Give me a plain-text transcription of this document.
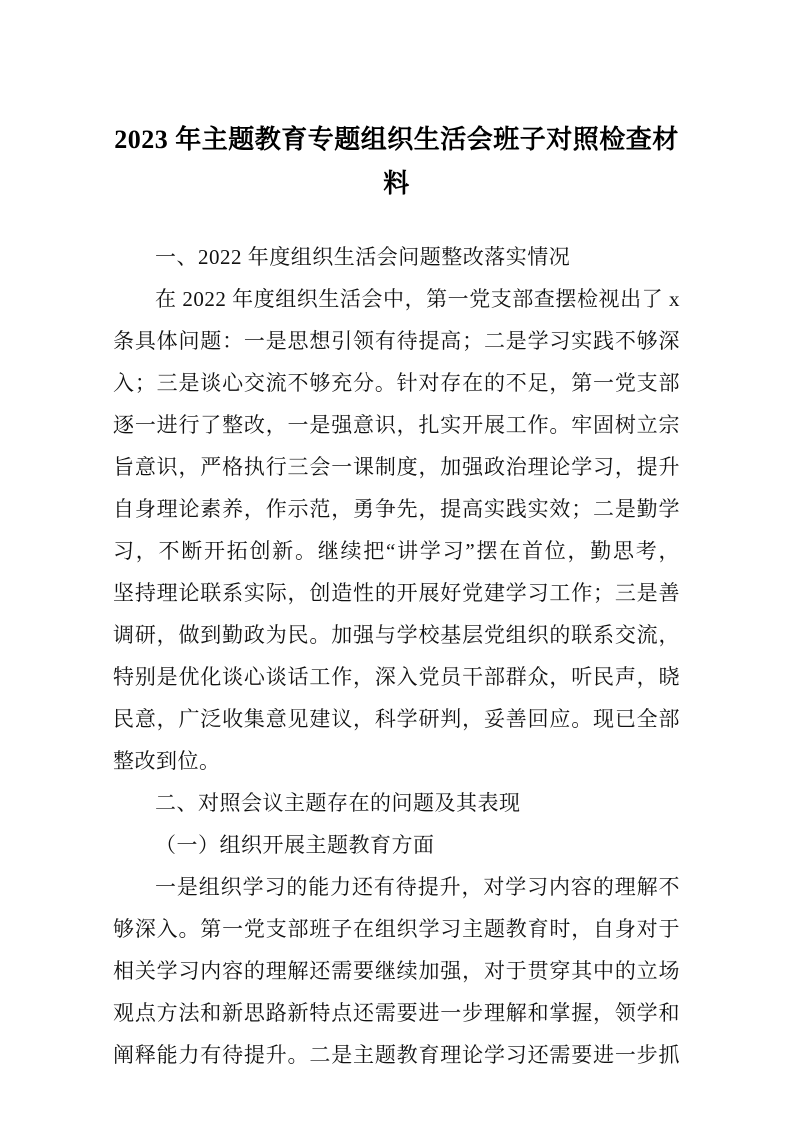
2023 年主题教育专题组织生活会班子对照检查材料
一、2022 年度组织生活会问题整改落实情况
在 2022 年度组织生活会中，第一党支部查摆检视出了 x
条具体问题：一是思想引领有待提高；二是学习实践不够深
入；三是谈心交流不够充分。针对存在的不足，第一党支部
逐一进行了整改，一是强意识，扎实开展工作。牢固树立宗
旨意识，严格执行三会一课制度，加强政治理论学习，提升
自身理论素养，作示范，勇争先，提高实践实效；二是勤学
习，不断开拓创新。继续把“讲学习”摆在首位，勤思考，
坚持理论联系实际，创造性的开展好党建学习工作；三是善
调研，做到勤政为民。加强与学校基层党组织的联系交流，
特别是优化谈心谈话工作，深入党员干部群众，听民声，晓
民意，广泛收集意见建议，科学研判，妥善回应。现已全部
整改到位。
二、对照会议主题存在的问题及其表现
（一）组织开展主题教育方面
一是组织学习的能力还有待提升，对学习内容的理解不
够深入。第一党支部班子在组织学习主题教育时，自身对于
相关学习内容的理解还需要继续加强，对于贯穿其中的立场
观点方法和新思路新特点还需要进一步理解和掌握，领学和
阐释能力有待提升。二是主题教育理论学习还需要进一步抓
